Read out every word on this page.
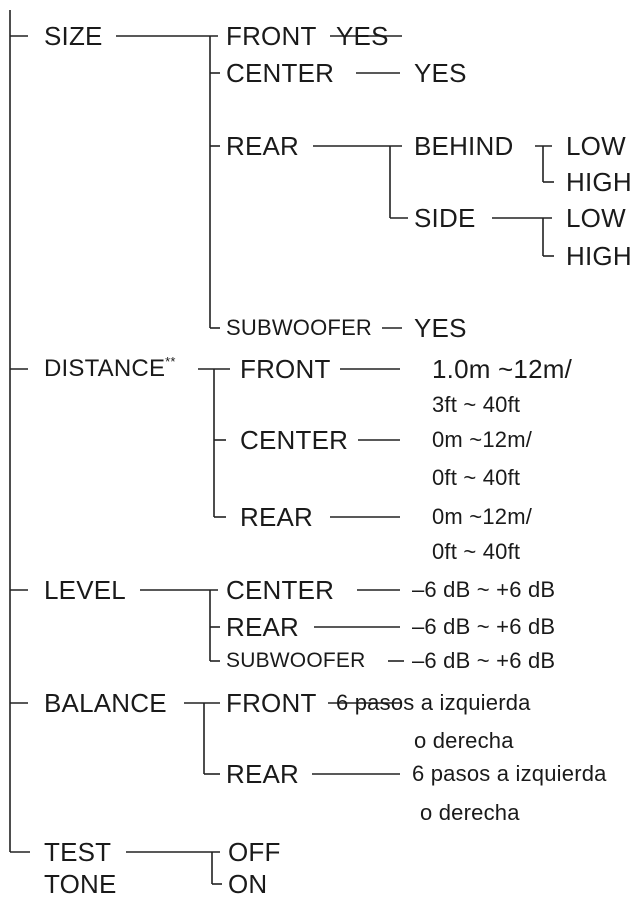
SIZE	FRONT YES
CENTER	YES
REAR	BEHIND LOW
HIGH
SIDE	LOW
HIGH
SUBWOOFER YES
DISTANCE** FRONT	1.0m ~12m/
3ft ~ 40ft
CENTER	0m ~12m/
0ft ~ 40ft
REAR	0m ~12m/
0ft ~ 40ft
LEVEL	CENTER	–6 dB ~ +6 dB
REAR	–6 dB ~ +6 dB
SUBWOOFER –6 dB ~ +6 dB
BALANCE FRONT 6 pasos a izquierda
o derecha
REAR	6 pasos a izquierda
o derecha
TEST
TONE
OFF
ON
